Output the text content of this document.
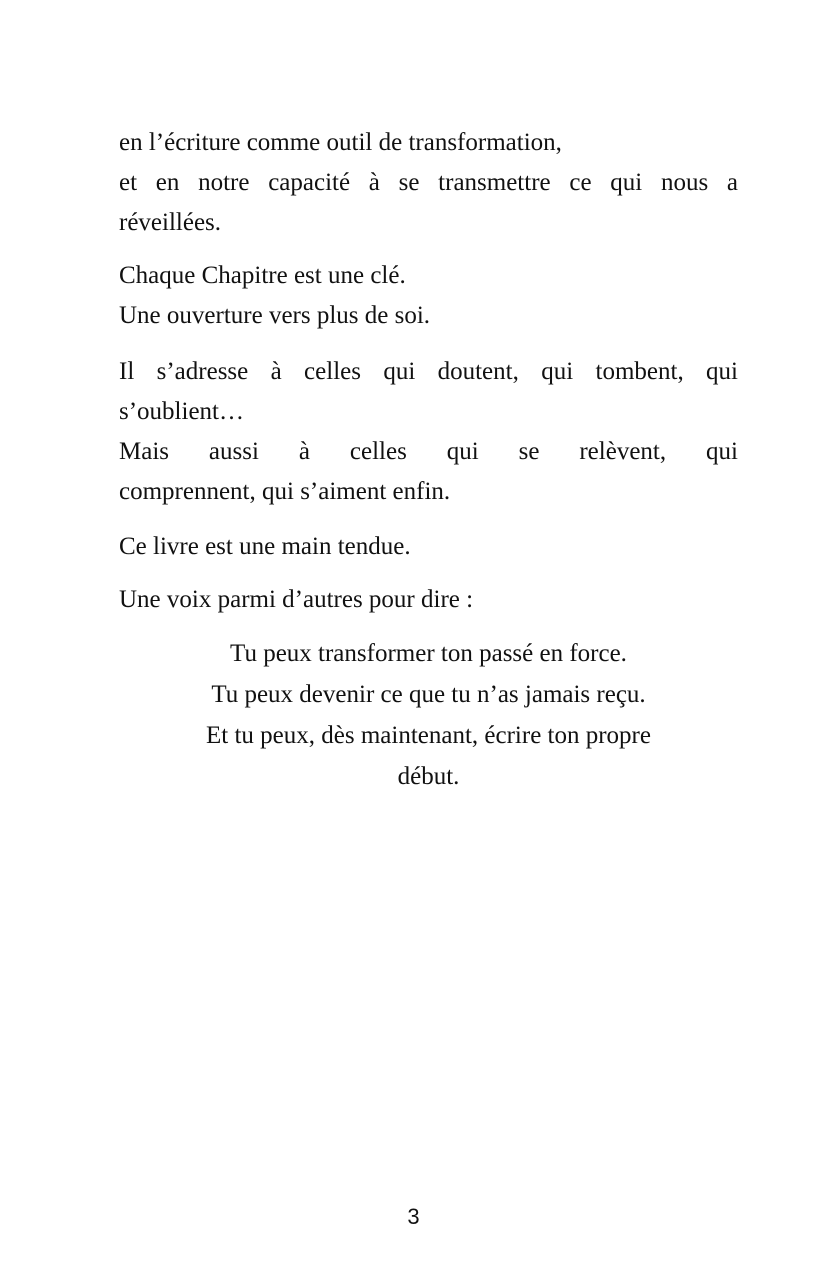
en l’écriture comme outil de transformation,
et en notre capacité à se transmettre ce qui nous a
réveillées.
Chaque Chapitre est une clé.
Une ouverture vers plus de soi.
Il s’adresse à celles qui doutent, qui tombent, qui
s’oublient…
Mais aussi à celles qui se relèvent, qui
comprennent, qui s’aiment enfin.
Ce livre est une main tendue.
Une voix parmi d’autres pour dire :
Tu peux transformer ton passé en force.
Tu peux devenir ce que tu n’as jamais reçu.
Et tu peux, dès maintenant, écrire ton propre
début.
3
